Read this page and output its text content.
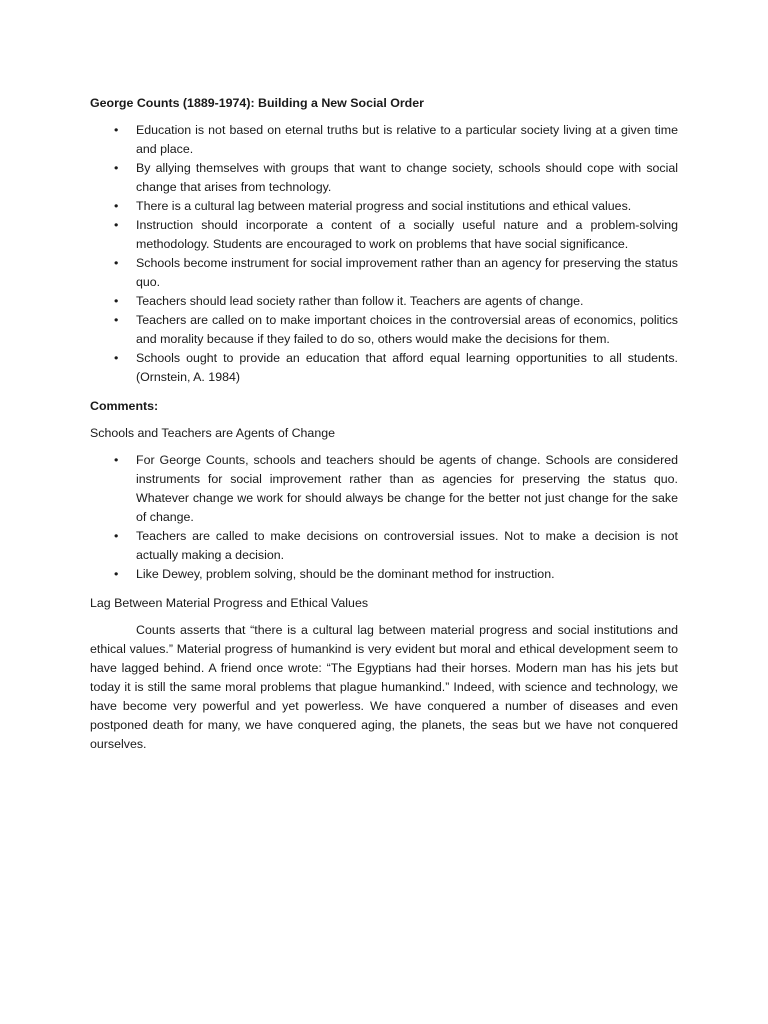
George Counts (1889-1974): Building a New Social Order

• Education is not based on eternal truths but is relative to a particular society living at a given time and place.
• By allying themselves with groups that want to change society, schools should cope with social change that arises from technology.
• There is a cultural lag between material progress and social institutions and ethical values.
• Instruction should incorporate a content of a socially useful nature and a problem-solving methodology. Students are encouraged to work on problems that have social significance.
• Schools become instrument for social improvement rather than an agency for preserving the status quo.
• Teachers should lead society rather than follow it. Teachers are agents of change.
• Teachers are called on to make important choices in the controversial areas of economics, politics and morality because if they failed to do so, others would make the decisions for them.
• Schools ought to provide an education that afford equal learning opportunities to all students. (Ornstein, A. 1984)

Comments:

Schools and Teachers are Agents of Change

• For George Counts, schools and teachers should be agents of change. Schools are considered instruments for social improvement rather than as agencies for preserving the status quo. Whatever change we work for should always be change for the better not just change for the sake of change.
• Teachers are called to make decisions on controversial issues. Not to make a decision is not actually making a decision.
• Like Dewey, problem solving, should be the dominant method for instruction.

Lag Between Material Progress and Ethical Values

Counts asserts that “there is a cultural lag between material progress and social institutions and ethical values.” Material progress of humankind is very evident but moral and ethical development seem to have lagged behind. A friend once wrote: “The Egyptians had their horses. Modern man has his jets but today it is still the same moral problems that plague humankind.” Indeed, with science and technology, we have become very powerful and yet powerless. We have conquered a number of diseases and even postponed death for many, we have conquered aging, the planets, the seas but we have not conquered ourselves.
